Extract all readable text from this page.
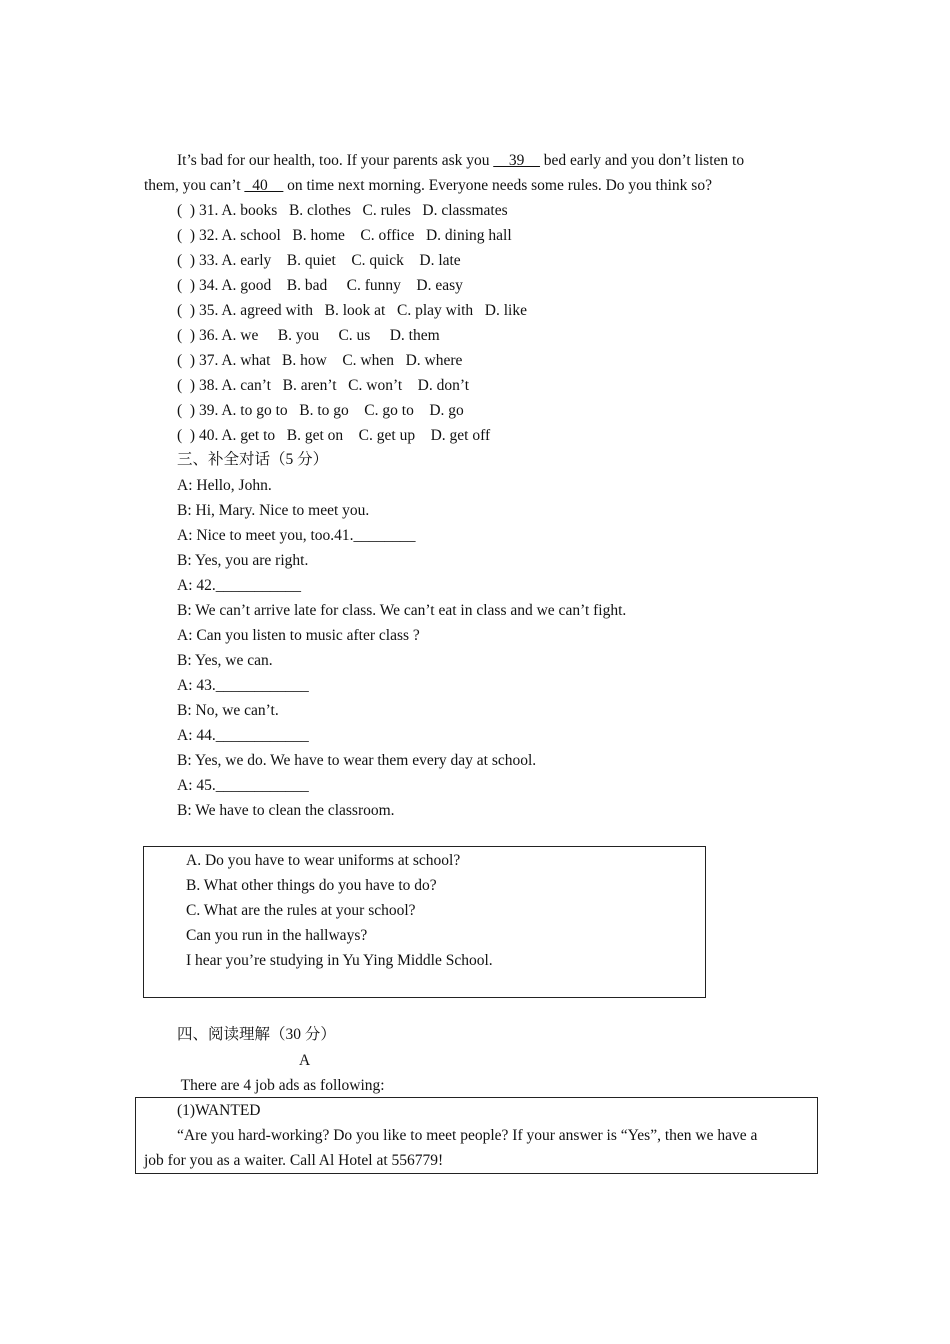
It’s bad for our health, too. If your parents ask you __39__ bed early and you don’t listen to
them, you can’t _40__ on time next morning. Everyone needs some rules. Do you think so?
(  ) 31. A. books   B. clothes   C. rules   D. classmates
(  ) 32. A. school   B. home    C. office   D. dining hall
(  ) 33. A. early    B. quiet    C. quick    D. late
(  ) 34. A. good    B. bad     C. funny    D. easy
(  ) 35. A. agreed with   B. look at   C. play with   D. like
(  ) 36. A. we     B. you     C. us     D. them
(  ) 37. A. what   B. how    C. when   D. where
(  ) 38. A. can’t   B. aren’t   C. won’t    D. don’t
(  ) 39. A. to go to   B. to go    C. go to    D. go
(  ) 40. A. get to   B. get on    C. get up    D. get off
三、补全对话（5 分）
A: Hello, John.
B: Hi, Mary. Nice to meet you.
A: Nice to meet you, too.41.________
B: Yes, you are right.
A: 42.___________
B: We can’t arrive late for class. We can’t eat in class and we can’t fight.
A: Can you listen to music after class ?
B: Yes, we can.
A: 43.____________
B: No, we can’t.
A: 44.____________
B: Yes, we do. We have to wear them every day at school.
A: 45.____________
B: We have to clean the classroom.
A. Do you have to wear uniforms at school?
B. What other things do you have to do?
C. What are the rules at your school?
Can you run in the hallways?
I hear you’re studying in Yu Ying Middle School.
四、阅读理解（30 分）
A
There are 4 job ads as following:
(1)WANTED
“Are you hard-working? Do you like to meet people? If your answer is “Yes”, then we have a
job for you as a waiter. Call Al Hotel at 556779!
